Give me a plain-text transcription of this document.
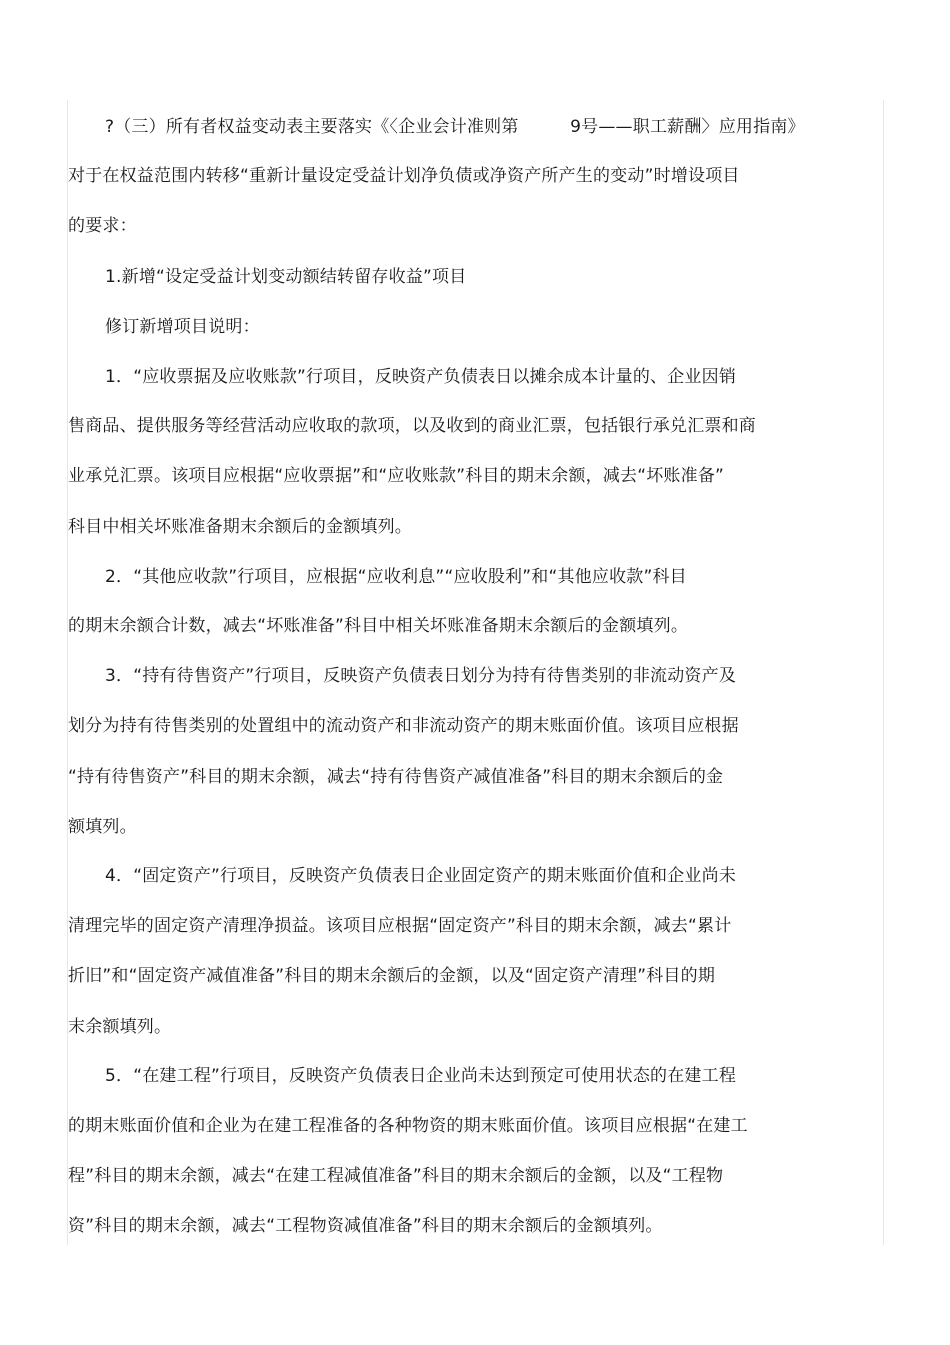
?（三）所有者权益变动表主要落实《〈企业会计准则第　　　9号——职工薪酬〉应用指南》
对于在权益范围内转移“重新计量设定受益计划净负债或净资产所产生的变动”时增设项目
的要求：
1.新增“设定受益计划变动额结转留存收益”项目
修订新增项目说明：
1．“应收票据及应收账款”行项目，反映资产负债表日以摊余成本计量的、企业因销
售商品、提供服务等经营活动应收取的款项，以及收到的商业汇票，包括银行承兑汇票和商
业承兑汇票。该项目应根据“应收票据”和“应收账款”科目的期末余额，减去“坏账准备”
科目中相关坏账准备期末余额后的金额填列。
2．“其他应收款”行项目，应根据“应收利息”“应收股利”和“其他应收款”科目
的期末余额合计数，减去“坏账准备”科目中相关坏账准备期末余额后的金额填列。
3．“持有待售资产”行项目，反映资产负债表日划分为持有待售类别的非流动资产及
划分为持有待售类别的处置组中的流动资产和非流动资产的期末账面价值。该项目应根据
“持有待售资产”科目的期末余额，减去“持有待售资产减值准备”科目的期末余额后的金
额填列。
4．“固定资产”行项目，反映资产负债表日企业固定资产的期末账面价值和企业尚未
清理完毕的固定资产清理净损益。该项目应根据“固定资产”科目的期末余额，减去“累计
折旧”和“固定资产减值准备”科目的期末余额后的金额，以及“固定资产清理”科目的期
末余额填列。
5．“在建工程”行项目，反映资产负债表日企业尚未达到预定可使用状态的在建工程
的期末账面价值和企业为在建工程准备的各种物资的期末账面价值。该项目应根据“在建工
程”科目的期末余额，减去“在建工程减值准备”科目的期末余额后的金额，以及“工程物
资”科目的期末余额，减去“工程物资减值准备”科目的期末余额后的金额填列。
